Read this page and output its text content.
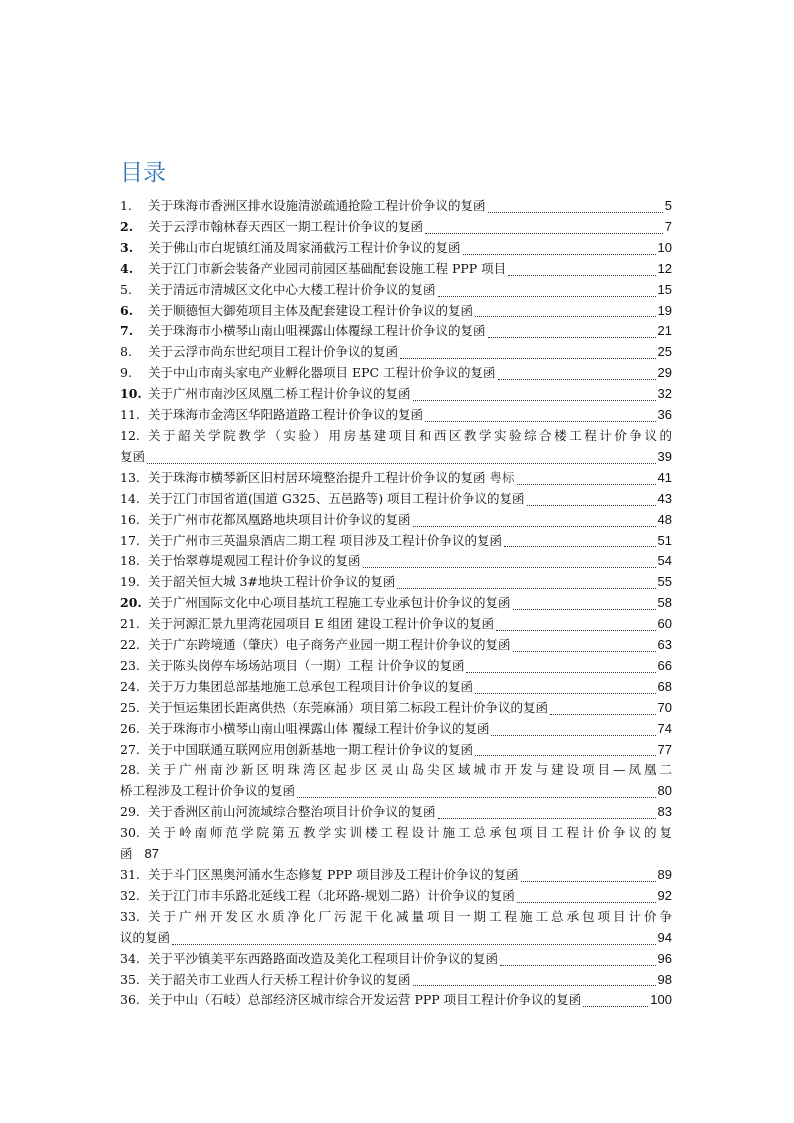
目录
1.	关于珠海市香洲区排水设施清淤疏通抢险工程计价争议的复函	5
2.	关于云浮市翰林春天西区一期工程计价争议的复函	7
3.	关于佛山市白坭镇红涌及周家涌截污工程计价争议的复函	10
4.	关于江门市新会装备产业园司前园区基础配套设施工程 PPP 项目	12
5.	关于清远市清城区文化中心大楼工程计价争议的复函	15
6.	关于顺德恒大御苑项目主体及配套建设工程计价争议的复函	19
7.	关于珠海市小横琴山南山咀裸露山体覆绿工程计价争议的复函	21
8.	关于云浮市尚东世纪项目工程计价争议的复函	25
9.	关于中山市南头家电产业孵化器项目 EPC 工程计价争议的复函	29
10. 关于广州市南沙区凤凰二桥工程计价争议的复函	32
11. 关于珠海市金湾区华阳路道路工程计价争议的复函	36
12. 关于韶关学院教学（实验）用房基建项目和西区教学实验综合楼工程计价争议的
复函	39
13. 关于珠海市横琴新区旧村居环境整治提升工程计价争议的复函 粤标	41
14. 关于江门市国省道(国道 G325、五邑路等) 项目工程计价争议的复函	43
16. 关于广州市花都凤凰路地块项目计价争议的复函	48
17. 关于广州市三英温泉酒店二期工程 项目涉及工程计价争议的复函	51
18. 关于怡翠尊堤观园工程计价争议的复函	54
19. 关于韶关恒大城 3#地块工程计价争议的复函	55
20. 关于广州国际文化中心项目基坑工程施工专业承包计价争议的复函	58
21. 关于河源汇景九里湾花园项目 E 组团 建设工程计价争议的复函	60
22. 关于广东跨境通（肇庆）电子商务产业园一期工程计价争议的复函	63
23. 关于陈头岗停车场场站项目（一期）工程 计价争议的复函	66
24. 关于万力集团总部基地施工总承包工程项目计价争议的复函	68
25. 关于恒运集团长距离供热（东莞麻涌）项目第二标段工程计价争议的复函	70
26. 关于珠海市小横琴山南山咀裸露山体 覆绿工程计价争议的复函	74
27. 关于中国联通互联网应用创新基地一期工程计价争议的复函	77
28. 关于广州南沙新区明珠湾区起步区灵山岛尖区域城市开发与建设项目—凤凰二
桥工程涉及工程计价争议的复函	80
29. 关于香洲区前山河流域综合整治项目计价争议的复函	83
30. 关于岭南师范学院第五教学实训楼工程设计施工总承包项目工程计价争议的复
函 87
31. 关于斗门区黑奥河涌水生态修复 PPP 项目涉及工程计价争议的复函	89
32. 关于江门市丰乐路北延线工程（北环路-规划二路）计价争议的复函	92
33. 关于广州开发区水质净化厂污泥干化减量项目一期工程施工总承包项目计价争
议的复函	94
34. 关于平沙镇美平东西路路面改造及美化工程项目计价争议的复函	96
35. 关于韶关市工业西人行天桥工程计价争议的复函	98
36. 关于中山（石岐）总部经济区城市综合开发运营 PPP 项目工程计价争议的复函	100
